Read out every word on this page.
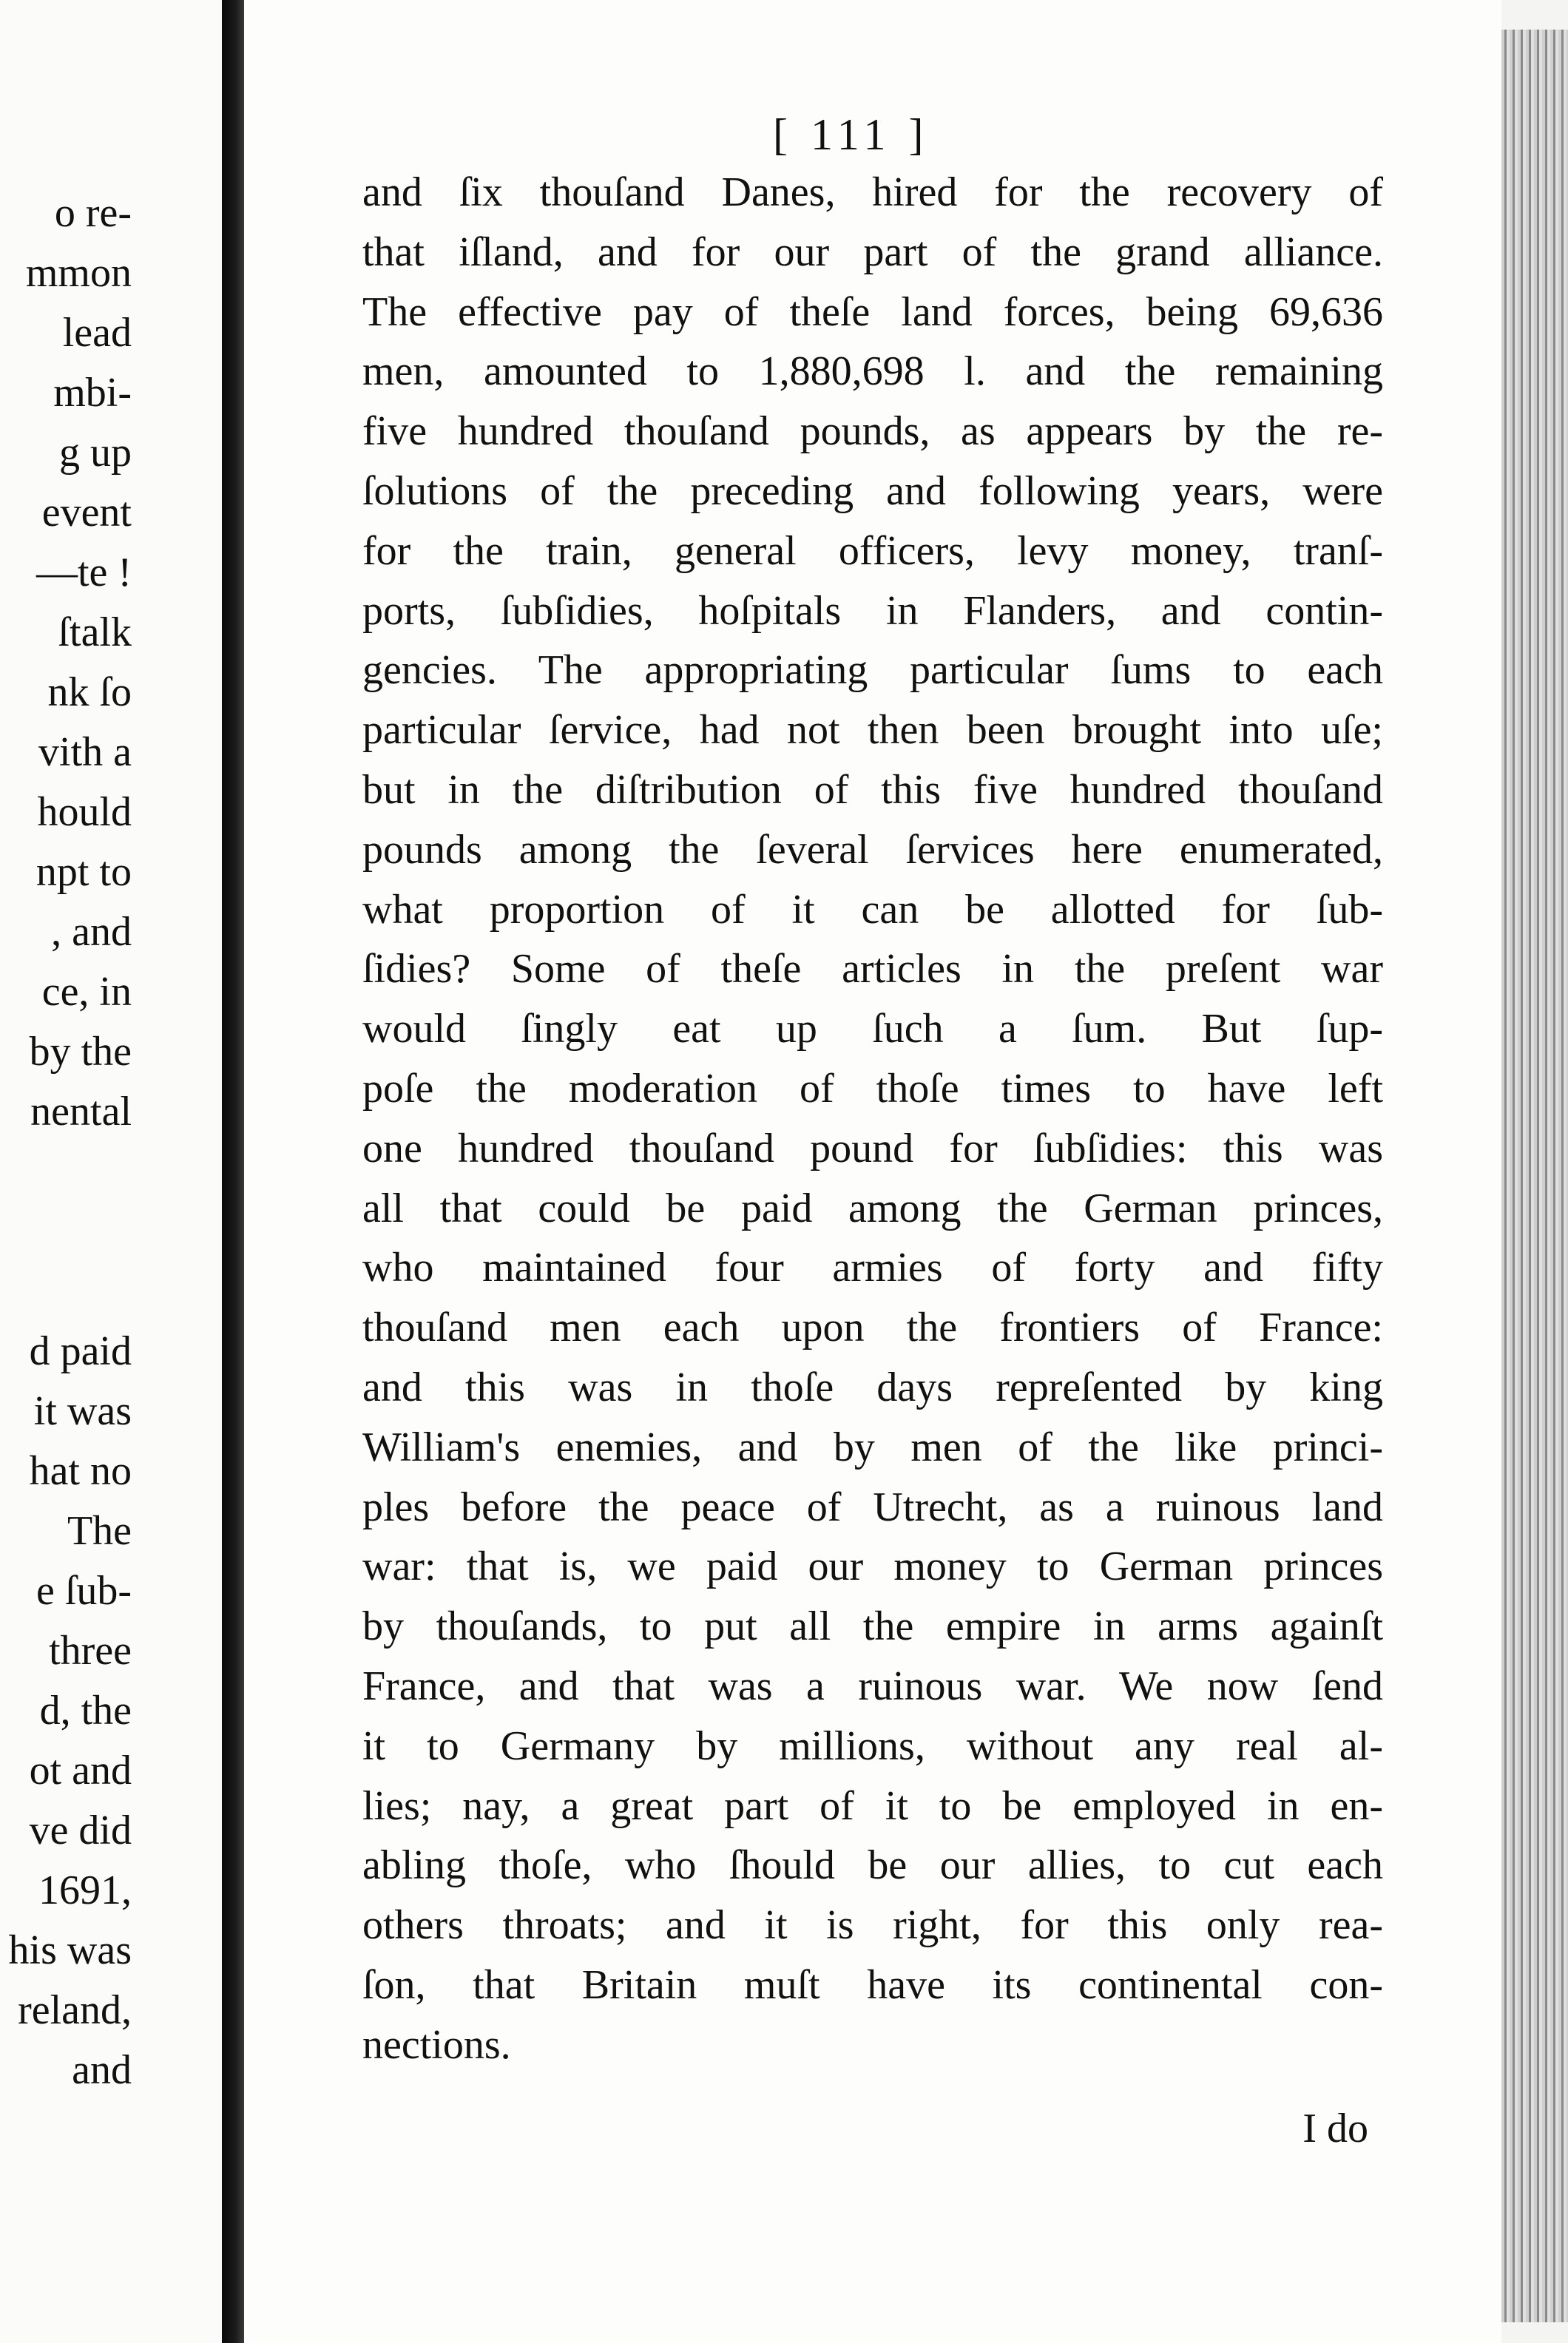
o re-
mmon
lead
mbi-
g up
event
—te !
ſtalk
nk ſo
vith a
hould
npt to
, and
ce, in
by the
nental
d paid
it was
hat no
The
e ſub-
three
d, the
ot and
ve did
1691,
his was
reland,
and
[ 111 ]
and ſix thouſand Danes, hired for the recovery of
that iſland, and for our part of the grand alliance.
The effective pay of theſe land forces, being 69,636
men, amounted to 1,880,698 l. and the remaining
five hundred thouſand pounds, as appears by the re-
ſolutions of the preceding and following years, were
for the train, general officers, levy money, tranſ-
ports, ſubſidies, hoſpitals in Flanders, and contin-
gencies. The appropriating particular ſums to each
particular ſervice, had not then been brought into uſe;
but in the diſtribution of this five hundred thouſand
pounds among the ſeveral ſervices here enumerated,
what proportion of it can be allotted for ſub-
ſidies? Some of theſe articles in the preſent war
would ſingly eat up ſuch a ſum. But ſup-
poſe the moderation of thoſe times to have left
one hundred thouſand pound for ſubſidies: this was
all that could be paid among the German princes,
who maintained four armies of forty and fifty
thouſand men each upon the frontiers of France:
and this was in thoſe days repreſented by king
William's enemies, and by men of the like princi-
ples before the peace of Utrecht, as a ruinous land
war: that is, we paid our money to German princes
by thouſands, to put all the empire in arms againſt
France, and that was a ruinous war. We now ſend
it to Germany by millions, without any real al-
lies; nay, a great part of it to be employed in en-
abling thoſe, who ſhould be our allies, to cut each
others throats; and it is right, for this only rea-
ſon, that Britain muſt have its continental con-
nections.
I do
